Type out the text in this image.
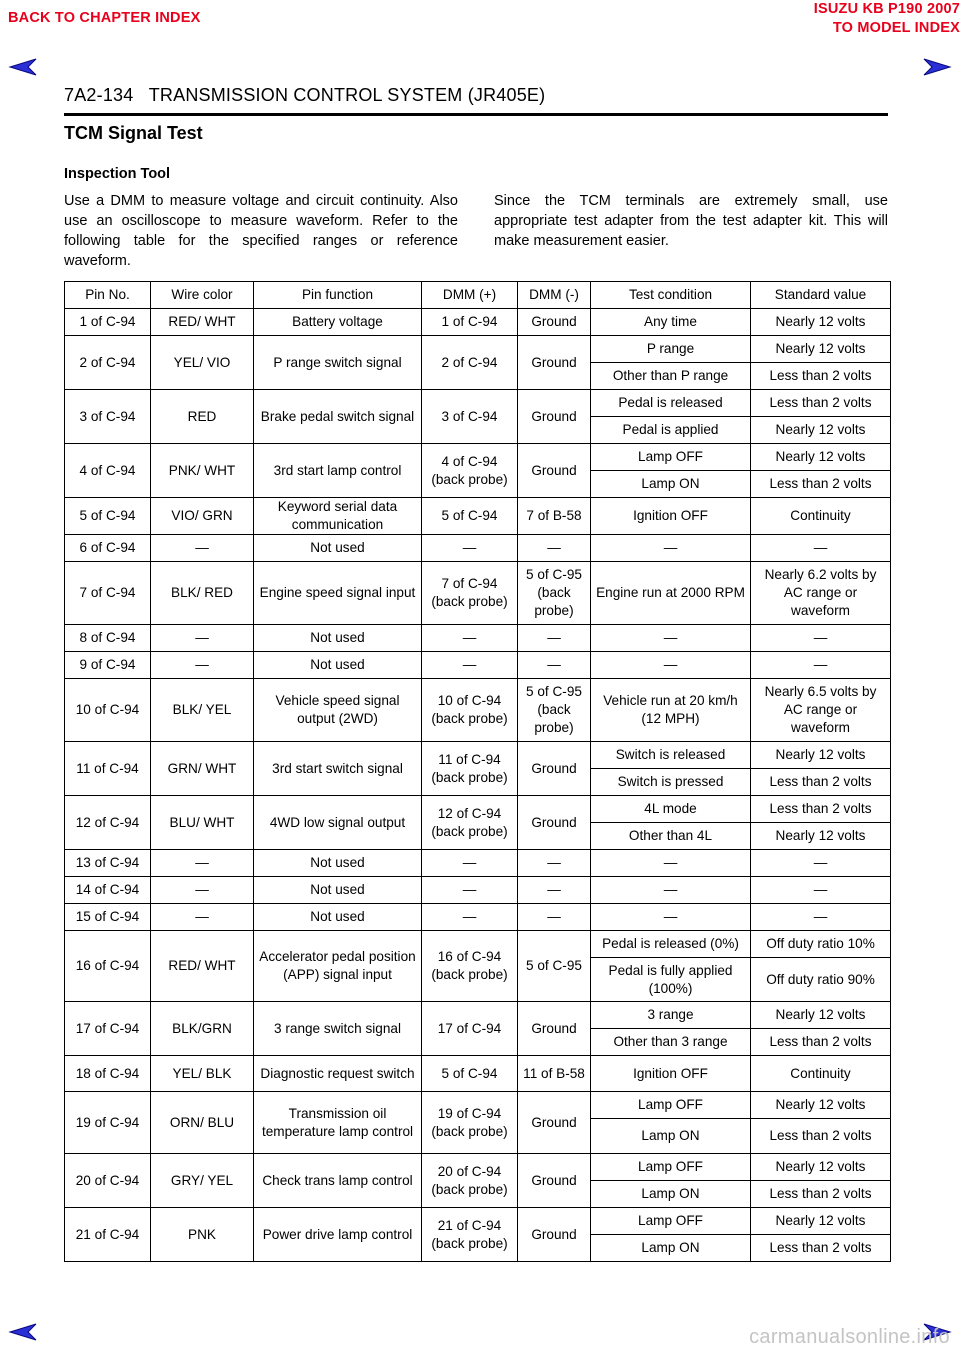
BACK TO CHAPTER INDEX
ISUZU KB P190 2007
TO MODEL INDEX
7A2-134   TRANSMISSION CONTROL SYSTEM (JR405E)
TCM Signal Test
Inspection Tool
Use a DMM to measure voltage and circuit continuity. Also use an oscilloscope to measure waveform. Refer to the following table for the specified ranges or reference waveform.
Since the TCM terminals are extremely small, use appropriate test adapter from the test adapter kit. This will make measurement easier.
Pin No.	Wire color	Pin function	DMM (+)	DMM (-)	Test condition	Standard value
1 of C-94	RED/ WHT	Battery voltage	1 of C-94	Ground	Any time	Nearly 12 volts
2 of C-94	YEL/ VIO	P range switch signal	2 of C-94	Ground	P range	Nearly 12 volts
					Other than P range	Less than 2 volts
3 of C-94	RED	Brake pedal switch signal	3 of C-94	Ground	Pedal is released	Less than 2 volts
					Pedal is applied	Nearly 12 volts
4 of C-94	PNK/ WHT	3rd start lamp control	4 of C-94 (back probe)	Ground	Lamp OFF	Nearly 12 volts
					Lamp ON	Less than 2 volts
5 of C-94	VIO/ GRN	Keyword serial data communication	5 of C-94	7 of B-58	Ignition OFF	Continuity
6 of C-94	—	Not used	—	—	—	—
7 of C-94	BLK/ RED	Engine speed signal input	7 of C-94 (back probe)	5 of C-95 (back probe)	Engine run at 2000 RPM	Nearly 6.2 volts by AC range or waveform
8 of C-94	—	Not used	—	—	—	—
9 of C-94	—	Not used	—	—	—	—
10 of C-94	BLK/ YEL	Vehicle speed signal output (2WD)	10 of C-94 (back probe)	5 of C-95 (back probe)	Vehicle run at 20 km/h (12 MPH)	Nearly 6.5 volts by AC range or waveform
11 of C-94	GRN/ WHT	3rd start switch signal	11 of C-94 (back probe)	Ground	Switch is released	Nearly 12 volts
					Switch is pressed	Less than 2 volts
12 of C-94	BLU/ WHT	4WD low signal output	12 of C-94 (back probe)	Ground	4L mode	Less than 2 volts
					Other than 4L	Nearly 12 volts
13 of C-94	—	Not used	—	—	—	—
14 of C-94	—	Not used	—	—	—	—
15 of C-94	—	Not used	—	—	—	—
16 of C-94	RED/ WHT	Accelerator pedal position (APP) signal input	16 of C-94 (back probe)	5 of C-95	Pedal is released (0%)	Off duty ratio 10%
					Pedal is fully applied (100%)	Off duty ratio 90%
17 of C-94	BLK/GRN	3 range switch signal	17 of C-94	Ground	3 range	Nearly 12 volts
					Other than 3 range	Less than 2 volts
18 of C-94	YEL/ BLK	Diagnostic request switch	5 of C-94	11 of B-58	Ignition OFF	Continuity
19 of C-94	ORN/ BLU	Transmission oil temperature lamp control	19 of C-94 (back probe)	Ground	Lamp OFF	Nearly 12 volts
					Lamp ON	Less than 2 volts
20 of C-94	GRY/ YEL	Check trans lamp control	20 of C-94 (back probe)	Ground	Lamp OFF	Nearly 12 volts
					Lamp ON	Less than 2 volts
21 of C-94	PNK	Power drive lamp control	21 of C-94 (back probe)	Ground	Lamp OFF	Nearly 12 volts
					Lamp ON	Less than 2 volts
carmanualsonline.info
